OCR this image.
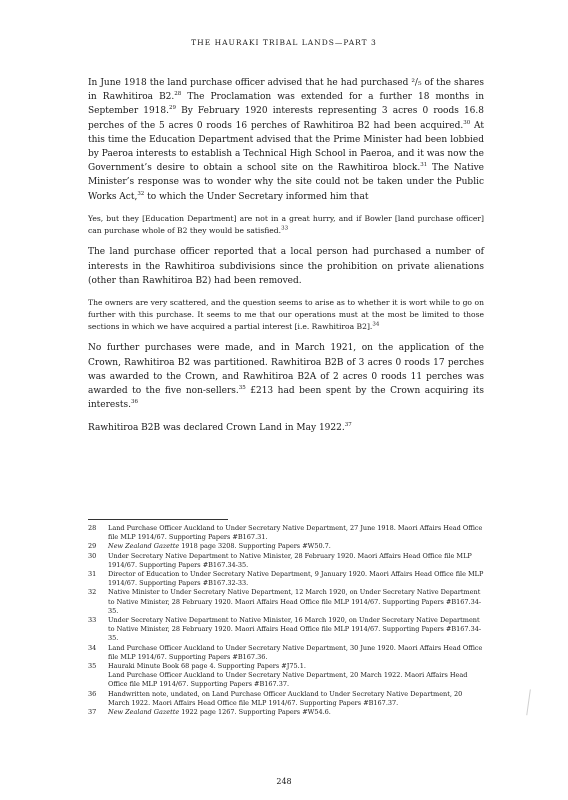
THE HAURAKI TRIBAL LANDS—PART 3

In June 1918 the land purchase officer advised that he had purchased ²/₅ of the shares in Rawhitiroa B2.28 The Proclamation was extended for a further 18 months in September 1918.29 By February 1920 interests representing 3 acres 0 roods 16.8 perches of the 5 acres 0 roods 16 perches of Rawhitiroa B2 had been acquired.$^{30}$ At this time the Education Department advised that the Prime Minister had been lobbied by Paeroa interests to establish a Technical High School in Paeroa, and it was now the Government’s desire to obtain a school site on the Rawhitiroa block.$^{31}$ The Native Minister’s response was to wonder why the site could not be taken under the Public Works Act,$^{32}$ to which the Under Secretary informed him that

Yes, but they [Education Department] are not in a great hurry, and if Bowler [land purchase officer] can purchase whole of B2 they would be satisfied.$^{33}$

The land purchase officer reported that a local person had purchased a number of interests in the Rawhitiroa subdivisions since the prohibition on private alienations (other than Rawhitiroa B2) had been removed.

The owners are very scattered, and the question seems to arise as to whether it is wort while to go on further with this purchase. It seems to me that our operations must at the most be limited to those sections in which we have acquired a partial interest [i.e. Rawhitiroa B2].$^{34}$

No further purchases were made, and in March 1921, on the application of the Crown, Rawhitiroa B2 was partitioned. Rawhitiroa B2B of 3 acres 0 roods 17 perches was awarded to the Crown, and Rawhitiroa B2A of 2 acres 0 roods 11 perches was awarded to the five non-sellers.$^{35}$ £213 had been spent by the Crown acquiring its interests.$^{36}$

Rawhitiroa B2B was declared Crown Land in May 1922.37

28	Land Purchase Officer Auckland to Under Secretary Native Department, 27 June 1918. Maori Affairs Head Office file MLP 1914/67. Supporting Papers #B167.31.
29	New Zealand Gazette 1918 page 3208. Supporting Papers #W50.7.
30	Under Secretary Native Department to Native Minister, 28 February 1920. Maori Affairs Head Office file MLP 1914/67. Supporting Papers #B167.34-35.
31	Director of Education to Under Secretary Native Department, 9 January 1920. Maori Affairs Head Office file MLP 1914/67. Supporting Papers #B167.32-33.
32	Native Minister to Under Secretary Native Department, 12 March 1920, on Under Secretary Native Department to Native Minister, 28 February 1920. Maori Affairs Head Office file MLP 1914/67. Supporting Papers #B167.34-35.
33	Under Secretary Native Department to Native Minister, 16 March 1920, on Under Secretary Native Department to Native Minister, 28 February 1920. Maori Affairs Head Office file MLP 1914/67. Supporting Papers #B167.34-35.
34	Land Purchase Officer Auckland to Under Secretary Native Department, 30 June 1920. Maori Affairs Head Office file MLP 1914/67. Supporting Papers #B167.36.
35	Hauraki Minute Book 68 page 4. Supporting Papers #J75.1.
Land Purchase Officer Auckland to Under Secretary Native Department, 20 March 1922. Maori Affairs Head Office file MLP 1914/67. Supporting Papers #B167.37.
36	Handwritten note, undated, on Land Purchase Officer Auckland to Under Secretary Native Department, 20 March 1922. Maori Affairs Head Office file MLP 1914/67. Supporting Papers #B167.37.
37	New Zealand Gazette 1922 page 1267. Supporting Papers #W54.6.
248
